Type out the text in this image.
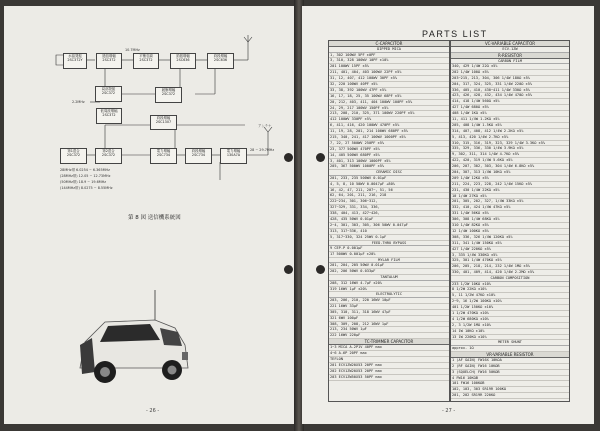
水晶発振
2SC372Y
逓倍増幅
2SC372
平衡変調
2SC372
励振増幅
2SC636
終段増幅
2SC636
局部発振
2SC372
緩衝増幅
2SC372
低周波増幅
2SC372
第1混合
2SC372
第2混合
2SC372
電力増幅
2SC734
終段増幅
2SC734
電力増幅
130A7A
終段増幅
2SC1307
2.2MHz
10.7MHz
28MHz帯 6.0254 ~ 6.365MHz
(28MHz帯) 12.05 ~ 12.73MHz
(50MHz帯) 18.9 ~ 19.6MHz
(144MHz帯) 8.0275 ~ 8.55MHz
アンテナ
28 ~ 29.7MHz
第 8 図 送信機系統図
- 26 -
PARTS LIST
C-CAPACITOR
DIPPED MICA
1, 302 100WV 5PF ±0PF
3, 310, 328 100WV 10PF ±10%
201 100WV 15PF ±5%
211, 401, 404, 403 100WV 22PF ±5%
31, 12, 407, 412 100WV 30PF ±5%
32, 220 100WV 40PF ±5%
33, 38, 392 100WV 47PF ±5%
16, 17, 18, 25, 35 100WV 68PF ±5%
20, 212, 403, 411, 404 100WV 100PF ±5%
24, 29, 217 100WV 150PF ±5%
213, 208, 210, 325, 371 100WV 220PF ±5%
412 100WV 330PF ±5%
6, 411, 416, 420 100WV 470PF ±5%
11, 19, 28, 201, 214 100WV 680PF ±5%
215, 340, 241, 417 100WV 1000PF ±5%
7, 22, 27 500WV 250PF ±5%
23, 377 500WV 470PF ±5%
14, 405 500WV 680PF ±5%
3, 401, 313 100WV 1000PF ±5%
205, 367 500WV 1000PF ±5%
CERAMIC DISC
201, 233, 235 500WV 0.01μF
4, 5, 8, 10 50WV 0.0047μF +80%
16, 42, 47, 211, 207~, 51, 56
62, 64, 201, 211, 216, 218
222~234, 301, 306~312,
327~329, 331, 334, 336,
338, 404, 413, 427~426,
428, 435 50WV 0.01μF
2~4, 301, 303, 305, 306 50WV 0.047μF
313, 317~336, 410
5, 317~330, 324 25WV 0.1μF
FEED-THRU BYPASS
9 CEP-P 0.001μF
17 500WV 0.001μF ±20%
MYLAR FILM
201, 204, 205 50WV 0.01μF
202, 206 50WV 0.033μF
TANTALUM
208, 312 16WV 4.7μF ±20%
319 16WV 1μF ±20%
ELECTROLYTIC
203, 206, 210, 220 16WV 10μF
221 16WV 33μF
305, 310, 311, 318 16WV 47μF
321 6WV 100μF
308, 309, 208, 212 16WV 1μF
213, 234 50WV 1μF
222 16WV 220μF
TC-TRIMMER CAPACITOR
1~3 MICA A-2P1V 40PF max
4~6 A-6P 20PF max
TEFLON
201 ECV1ZW20X53 20PF max
202 ECV1ZW20X53 20PF max
203 ECV1ZW50X53 50PF max
VC-VARIABLE CAPACITOR
ECV-1ZW
R-RESISTOR
CARBON FILM
340, 429 1/4W 22Ω ±5%
202 1/4W 100Ω ±5%
203~215, 213, 304, 306 1/4W 180Ω ±5%
204, 317, 324, 325, 331 1/4W 220Ω ±5%
336, 405, 410, 430~411 1/4W 330Ω ±5%
423, 426, 428, 432, 434 1/4W 470Ω ±5%
414, 418 1/4W 560Ω ±5%
427 1/4W 680Ω ±5%
408 1/4W 1KΩ ±5%
11, 411 1/4W 1.2KΩ ±5%
205, 408 1/4W 1.5KΩ ±5%
314, 407, 408, 412 1/4W 2.2KΩ ±5%
5, 413, 420 1/4W 2.7KΩ ±5%
310, 315, 316, 319, 323, 329 1/4W 3.3KΩ ±5%
335, 329, 336, 330 1/4W 3.9KΩ ±5%
9, 302, 311, 314 1/4W 4.7KΩ ±5%
422, 420, 319 1/4W 5.6KΩ ±5%
206, 207, 302, 303, 304 1/4W 6.8KΩ ±5%
204, 307, 313 1/4W 10KΩ ±5%
209 1/4W 12KΩ ±5%
211, 224, 223, 228, 242 1/4W 15KΩ ±5%
231, 430 1/4W 22KΩ ±5%
10 1/4W 27KΩ ±5%
201, 305, 202, 327, 1/4W 33KΩ ±5%
332, 410, 424 1/4W 47KΩ ±5%
331 1/4W 56KΩ ±5%
306, 308 1/4W 68KΩ ±5%
310 1/4W 82KΩ ±5%
12 1/4W 100KΩ ±5%
308, 336, 326 1/4W 120KΩ ±5%
311, 341 1/4W 150KΩ ±5%
427 1/4W 220KΩ ±5%
3, 335 1/4W 330KΩ ±5%
325, 301 1/4W 470KΩ ±5%
206, 205, 218, 214, 232 1/4W 1MΩ ±5%
330, 401, 409, 414, 420 1/4W 2.2MΩ ±5%
CARBON COMPOSITION
233 1/2W 10KΩ ±10%
8 1/2W 22KΩ ±10%
5, 11 1/2W 47KΩ ±10%
2~9, 16 1/2W 100KΩ ±10%
401 1/2W 150KΩ ±10%
1 1/2W 470KΩ ±10%
4 1/2W 680KΩ ±10%
2, 3 1/2W 1MΩ ±10%
14 1W 10KΩ ±10%
13 1W 220KΩ ±10%
METER SHUNT
approx. 1Ω
VR-VARIABLE RESISTOR
1 (AF GAIN) FW16X 10KΩA
2 (RF GAIN) FW16 10KΩB
3 (SQUELCH) FW16 50KΩB
4 FW16 10KΩB
101 FW16 100KΩB
102, 103, 303 SR19R 100KΩ
201, 202 SR19R 220KΩ
- 27 -
